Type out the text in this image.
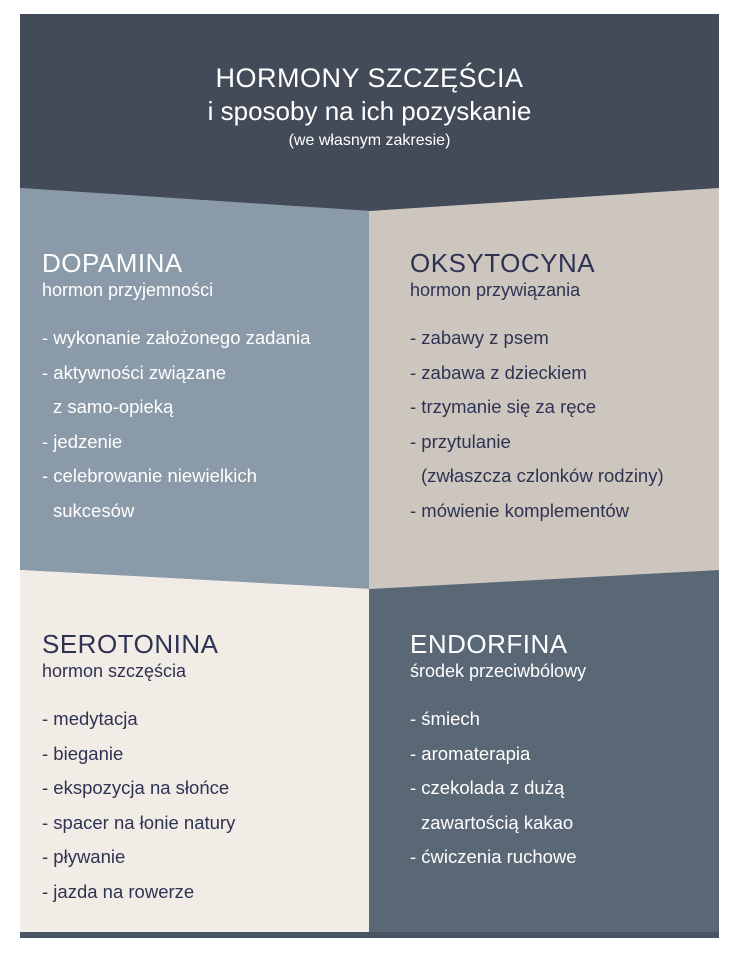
HORMONY SZCZĘŚCIA
i sposoby na ich pozyskanie
(we własnym zakresie)
DOPAMINA
hormon przyjemności
- wykonanie założonego zadania
- aktywności związane
z samo-opieką
- jedzenie
- celebrowanie niewielkich
sukcesów
OKSYTOCYNA
hormon przywiązania
- zabawy z psem
- zabawa z dzieckiem
- trzymanie się za ręce
- przytulanie
(zwłaszcza czlonków rodziny)
- mówienie komplementów
SEROTONINA
hormon szczęścia
- medytacja
- bieganie
- ekspozycja na słońce
- spacer na łonie natury
- pływanie
- jazda na rowerze
ENDORFINA
środek przeciwbólowy
- śmiech
- aromaterapia
- czekolada z dużą
zawartością kakao
- ćwiczenia ruchowe
